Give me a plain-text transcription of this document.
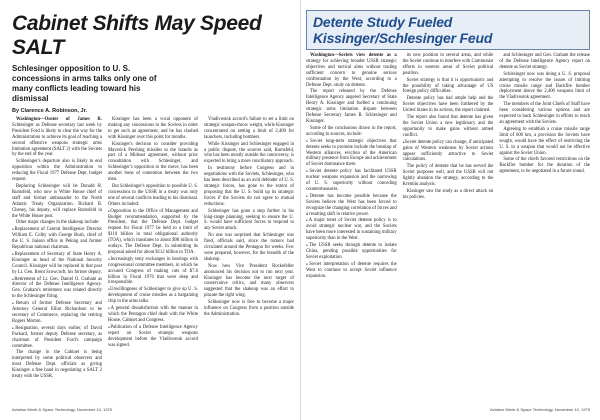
Cabinet Shifts May Speed SALT
Schlesinger opposition to U. S. concessions in arms talks only one of many conflicts leading toward his dismissal
By Clarence A. Robinson, Jr.

Washington—Ouster of James R. Schlesinger as Defense secretary last week by President Ford is likely to clear the way for the Administration to achieve its goal of reaching a second offensive weapons strategic arms limitation agreement (SALT 2) with the Soviets by the end of the year.

Schlesinger's departure also is likely to end opposition within the Administration to reducing the Fiscal 1977 Defense Dept. budget request.

Replacing Schlesinger will be Donald H. Rumsfeld, who now is White House chief of staff and former ambassador to the North Atlantic Treaty Organization. Richard B. Cheney, his deputy, will replace Rumsfeld in the White House post.

Other major changes in the shakeup include:

● Replacement of Central Intelligence Director William E. Colby with George Bush, chief of the U. S. liaison office in Peking and former Republican national chairman.

● Replacement of Secretary of State Henry A. Kissinger as head of the National Security Council. Kissinger will be replaced in that post by Lt. Gen. Brent Scowcroft, his former deputy.

● Retirement of Lt. Gen. Daniel O. Graham as director of the Defense Intelligence Agency. Gen. Graham's retirement was related directly to the Schlesinger firing.

● Return of former Defense Secretary and Attorney General Elliot Richardson to be secretary of Commerce, replacing the retiring Rogers Morton.

● Resignation, several days earlier, of David Packard, former deputy Defense secretary, as chairman of President Ford's campaign committee.

The change in the Cabinet is being interpreted by some political observers and most Defense Dept. officials as giving Kissinger a free hand in negotiating a SALT 2 treaty with the USSR.

Kissinger has been a vocal opponent of making any concessions to the Soviets in order to get such an agreement, and he has clashed with Kissinger over this point for months.

Kissinger's decision to consider providing Maverick Pershing missiles to the Israelis as part of a Mideast agreement, without prior consultation with Schlesinger, and Schlesinger's opposition to the move, has been another bone of contention between the two men.

But Schlesinger's opposition to possible U. S. concessions to the USSR in a treaty was only one of several conflicts leading to his dismissal. Others included:

● Opposition to the Office of Management and Budget recommendation, supported by the President, that the Defense Dept. budget request for Fiscal 1977 be held to a limit of $110 billion in total obligational authority (TOA), which translates to about $98 billion in outlays. The Defense Dept. in submitting its proposal asked for about $112 billion in TOA.

● Increasingly testy exchanges in hearings with congressional committee members, in which he accused Congress of making cuts of $7.6 billion in Fiscal 1976 that were deep and irresponsible.

● Unwillingness of Schlesinger to give up U. S. development of cruise missiles as a bargaining chip in the arms talks.

● A general dissatisfaction with the manner in which the Pentagon chief dealt with the White House, Cabinet and Congress.

● Publication of a Defense Intelligence Agency report on Soviet strategic weapons development before the Vladivostok accord was signed.

Vladivostok accord's failure to set a limit on strategic weapon-throw weight, while Kissinger concentrated on setting a limit of 2,400 for launchers, including bombers.

While Kissinger and Schlesinger engaged in a public dispute, the sources said, Rumsfeld, who has been mostly outside the controversy, is expected to bring a more conciliatory approach.

In testimony before Congress and in negotiations with the Soviets, Schlesinger, who has been described as an avid defender of U. S. strategic forces, has gone to the extent of proposing that the U. S. build up its strategic forces if the Soviets do not agree to mutual reductions.

Schlesinger has gone a step further in his long-range planning, seeking to ensure the U. S. would have sufficient forces to respond to any Soviet attack.

No one was surprised that Schlesinger was fired, officials said, since the rumors had circulated around the Pentagon for weeks. Few were prepared, however, for the breadth of the shakeup.

Now how Vice President Rockefeller announced his decision not to run next year. Kissinger has become the next target of conservative critics, and many observers suggested that the shakeup was an effort to placate the right wing.

Schlesinger now is free to become a major influence on Congress from a position outside the Administration.

Aviation Week & Space Technology, November 10, 1975
Detente Study Fueled Kissinger/Schlesinger Feud

Washington—Soviets view detente as a strategy for achieving broader USSR strategic objectives and tactical aims without trading sufficient concern to genuine serious confrontation by the West, according to a Defense Dept. study on detente.

The report released by the Defense Intelligence Agency angered Secretary of State Henry A. Kissinger and fuelled a continuing strategic arms limitation dispute between Defense Secretary James R. Schlesinger and Kissinger.

Some of the conclusions drawn in the report, according to sources, include:

● Soviet long-term strategic objectives that detente seeks to promote include the breakup of Western alliances, eviction of the American military presence from Europe and achievement of Soviet dominance there.

● Soviet detente policy has facilitated USSR nuclear weapons expansion and the narrowing of U. S. superiority without conceding countermeasures.

● Detente has become possible because the Soviets believe the West has been forced to recognize the changing correlation of forces and a resulting shift in relative power.

● A major tenet of Soviet detente policy is to avoid strategic nuclear war, and the Soviets have been more interested in sustaining military superiority than in the West.

● The USSR seeks through detente to isolate China, pending possible opportunities for Soviet exploitation.

● Soviet interpretation of detente requires the West to continue to accept Soviet influence expansion.

its new position in several areas, and while the Soviet continue to interfere with Communist efforts in western areas of Soviet political position.

Soviet strategy is that it is opportunistic and the possibility of taking advantage of US foreign policy difficulties.

Detente policy has had ample help and the Soviet objectives have been furthered by the United States in its actions, the report claimed.

The report also found that detente has given the Soviet Union a new legitimacy and the opportunity to make gains without armed conflict.

● Soviet detente policy can change, if anticipated gains of Western weakness by Soviet actions appear sufficiently attractive to Soviet calculations.

The policy of detente that he has served the Soviet purposes well, and the USSR will not lightly abandon the strategy, according to the Kremlin analysis.

Kissinger saw the study as a direct attack on his policies.

and Schlesinger and Gen. Graham the release of the Defense Intelligence Agency report on detente as Soviet strategy.

Schlesinger now was doing a U. S. proposal attempting to resolve the issues of limiting cruise missile range and Backfire bomber deployment above the 2,400 weapons limit of the Vladivostok agreement.

The members of the Joint Chiefs of Staff have been considering various options and are expected to back Schlesinger in efforts to reach an agreement with the Soviets.

Agreeing to establish a cruise missile range limit of 600 km, a provision the Soviets have sought, would have the effect of restricting the U. S. to a weapon that would not be effective against the Soviet Union.

Some of the chiefs favored restrictions on the Backfire bomber for the duration of the agreement, to be negotiated in a future round.

Aviation Week & Space Technology, November 10, 1975
